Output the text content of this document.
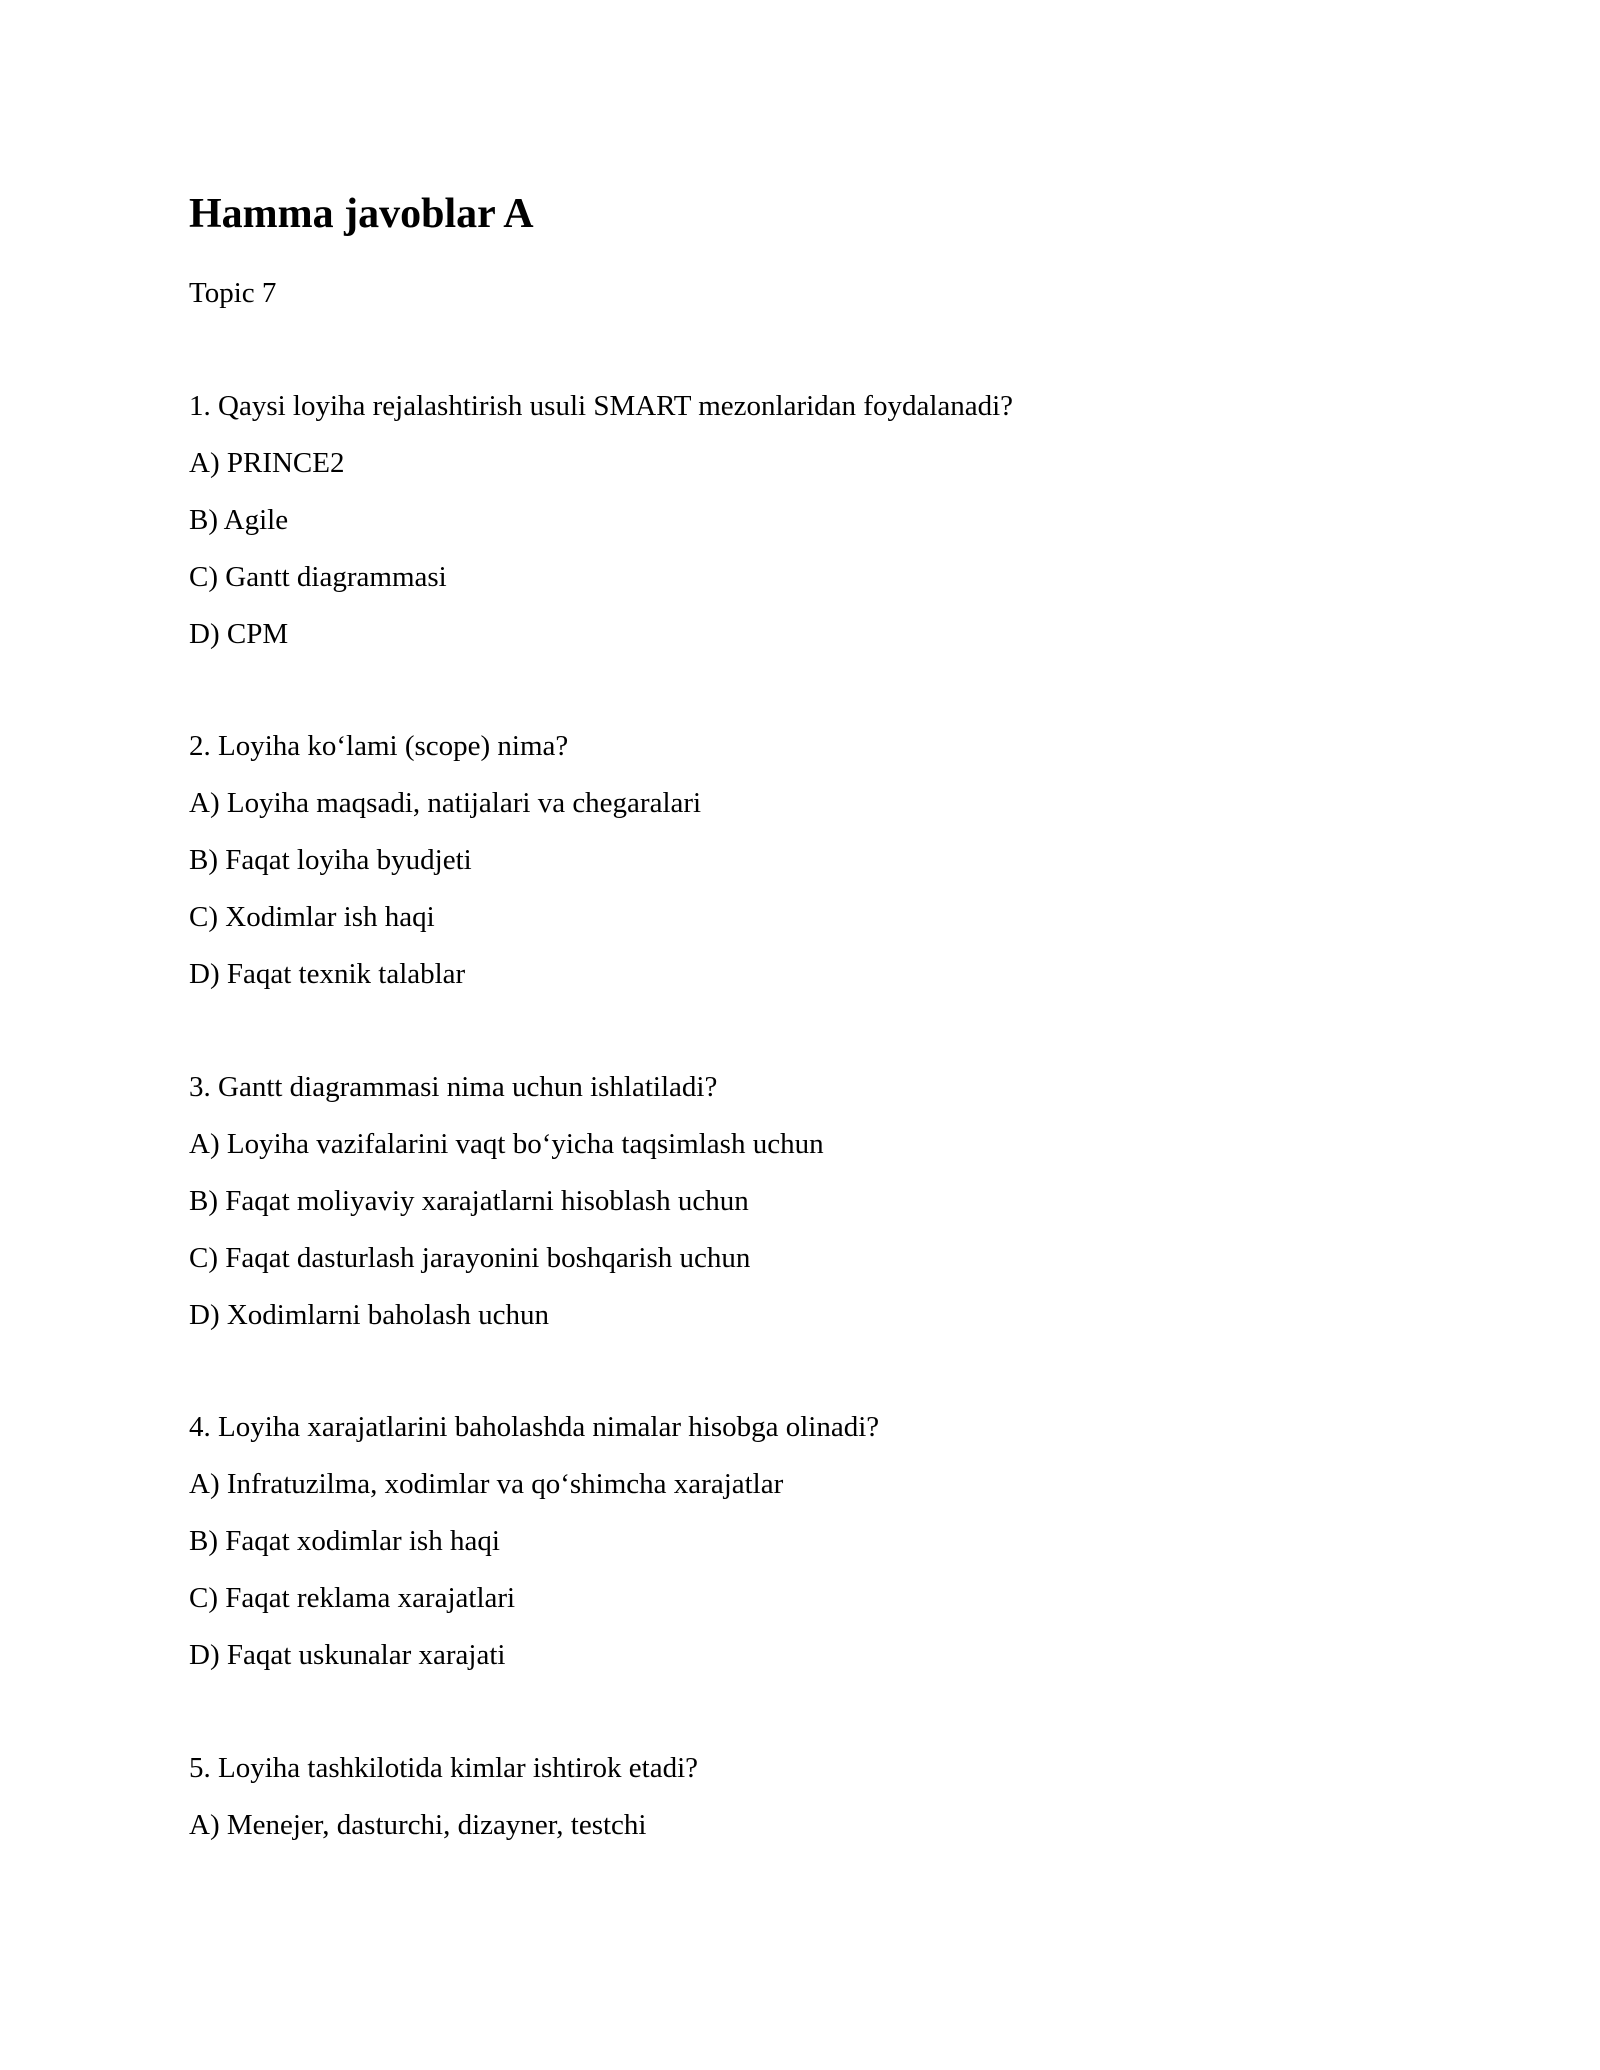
Hamma javoblar A
Topic 7
1. Qaysi loyiha rejalashtirish usuli SMART mezonlaridan foydalanadi?
A) PRINCE2
B) Agile
C) Gantt diagrammasi
D) CPM
2. Loyiha ko‘lami (scope) nima?
A) Loyiha maqsadi, natijalari va chegaralari
B) Faqat loyiha byudjeti
C) Xodimlar ish haqi
D) Faqat texnik talablar
3. Gantt diagrammasi nima uchun ishlatiladi?
A) Loyiha vazifalarini vaqt bo‘yicha taqsimlash uchun
B) Faqat moliyaviy xarajatlarni hisoblash uchun
C) Faqat dasturlash jarayonini boshqarish uchun
D) Xodimlarni baholash uchun
4. Loyiha xarajatlarini baholashda nimalar hisobga olinadi?
A) Infratuzilma, xodimlar va qo‘shimcha xarajatlar
B) Faqat xodimlar ish haqi
C) Faqat reklama xarajatlari
D) Faqat uskunalar xarajati
5. Loyiha tashkilotida kimlar ishtirok etadi?
A) Menejer, dasturchi, dizayner, testchi
